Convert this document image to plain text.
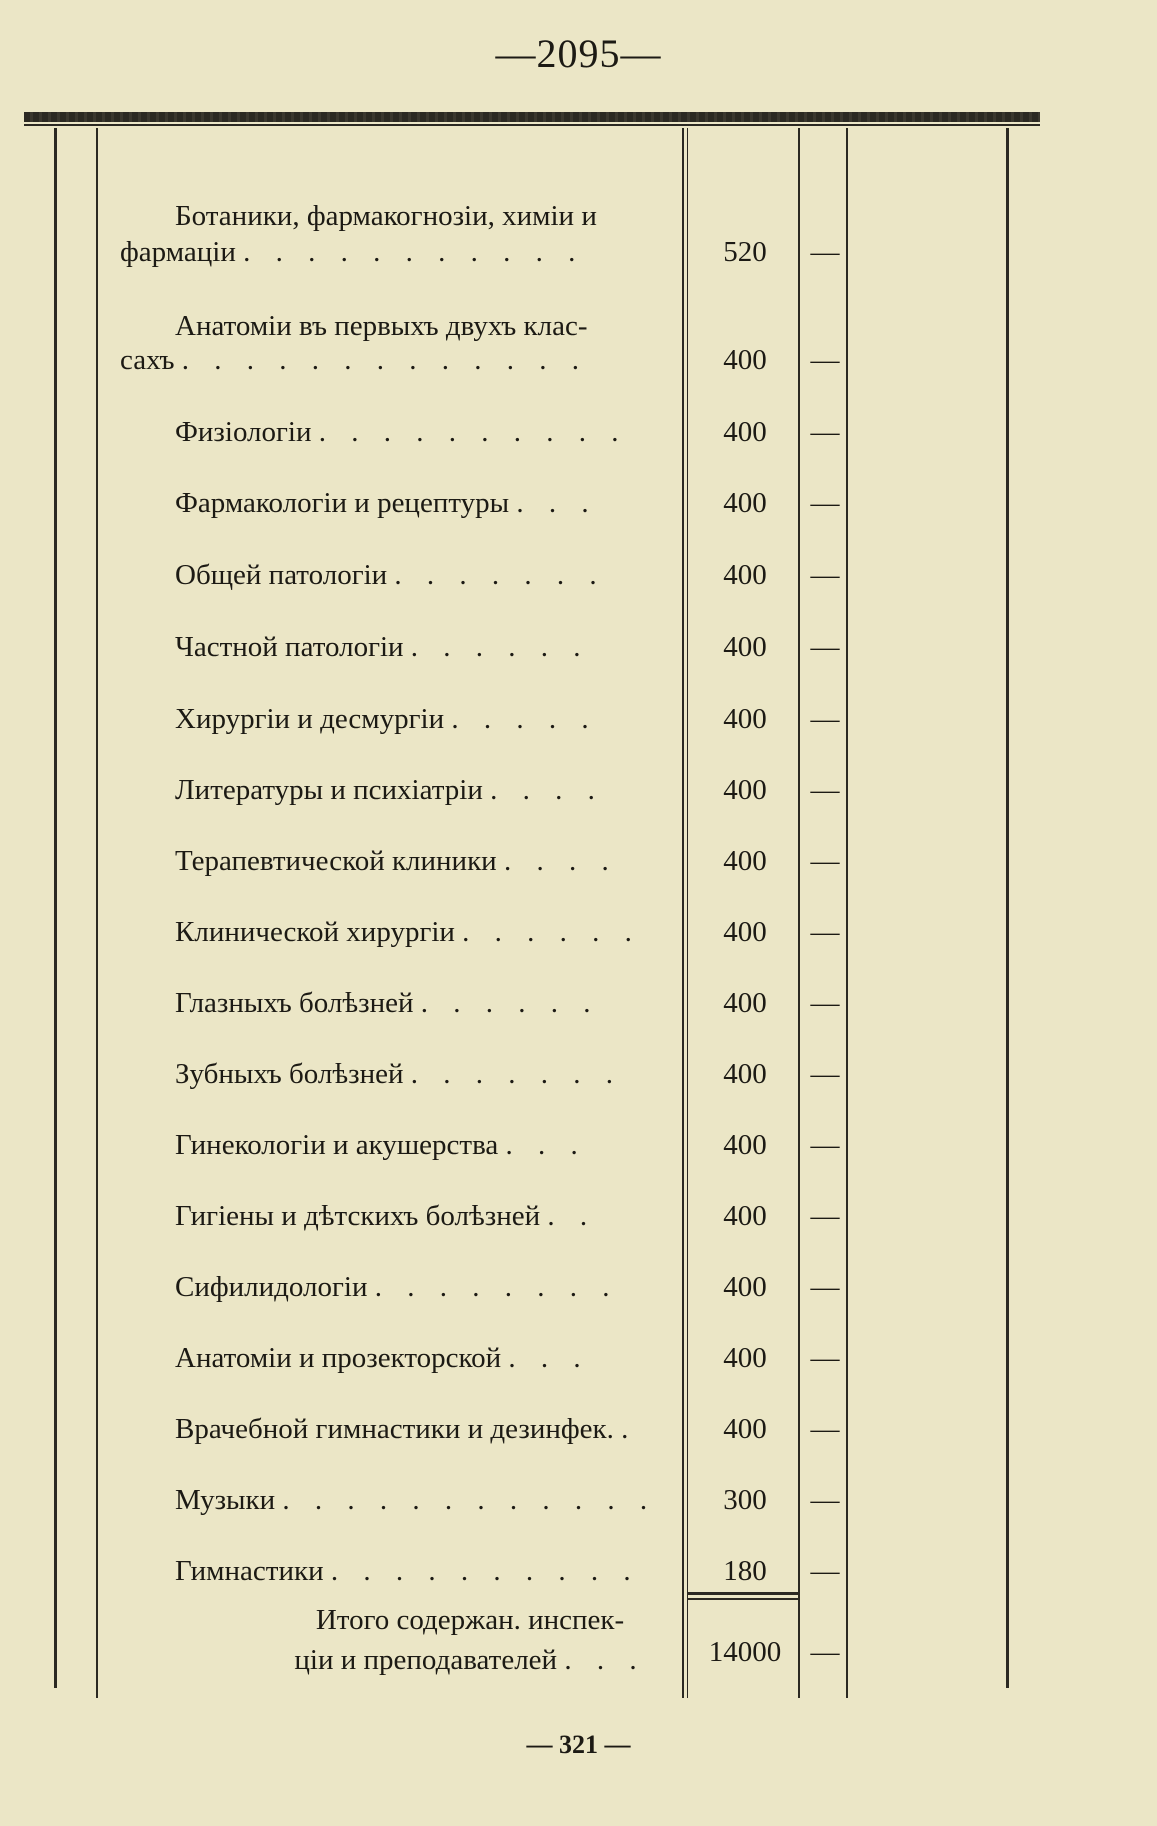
—2095—
Ботаники, фармакогнозіи, химіи и
фармаціи . . . . . . . . . . .	520	—
Анатоміи въ первыхъ двухъ клас-
сахъ . . . . . . . . . . . . .	400	—
Физіологіи . . . . . . . . . .	400	—
Фармакологіи и рецептуры . . .	400	—
Общей патологіи . . . . . . .	400	—
Частной патологіи . . . . . .	400	—
Хирургіи и десмургіи . . . . .	400	—
Литературы и психіатріи . . . .	400	—
Терапевтической клиники . . . .	400	—
Клинической хирургіи . . . . . .	400	—
Глазныхъ болѣзней . . . . . .	400	—
Зубныхъ болѣзней . . . . . . .	400	—
Гинекологіи и акушерства . . .	400	—
Гигіены и дѣтскихъ болѣзней . .	400	—
Сифилидологіи . . . . . . . .	400	—
Анатоміи и прозекторской . . .	400	—
Врачебной гимнастики и дезинфек. .	400	—
Музыки . . . . . . . . . . . .	300	—
Гимнастики . . . . . . . . . .	180	—
Итого содержан. инспек-
ціи и преподавателей . . .	14000	—
— 321 —
